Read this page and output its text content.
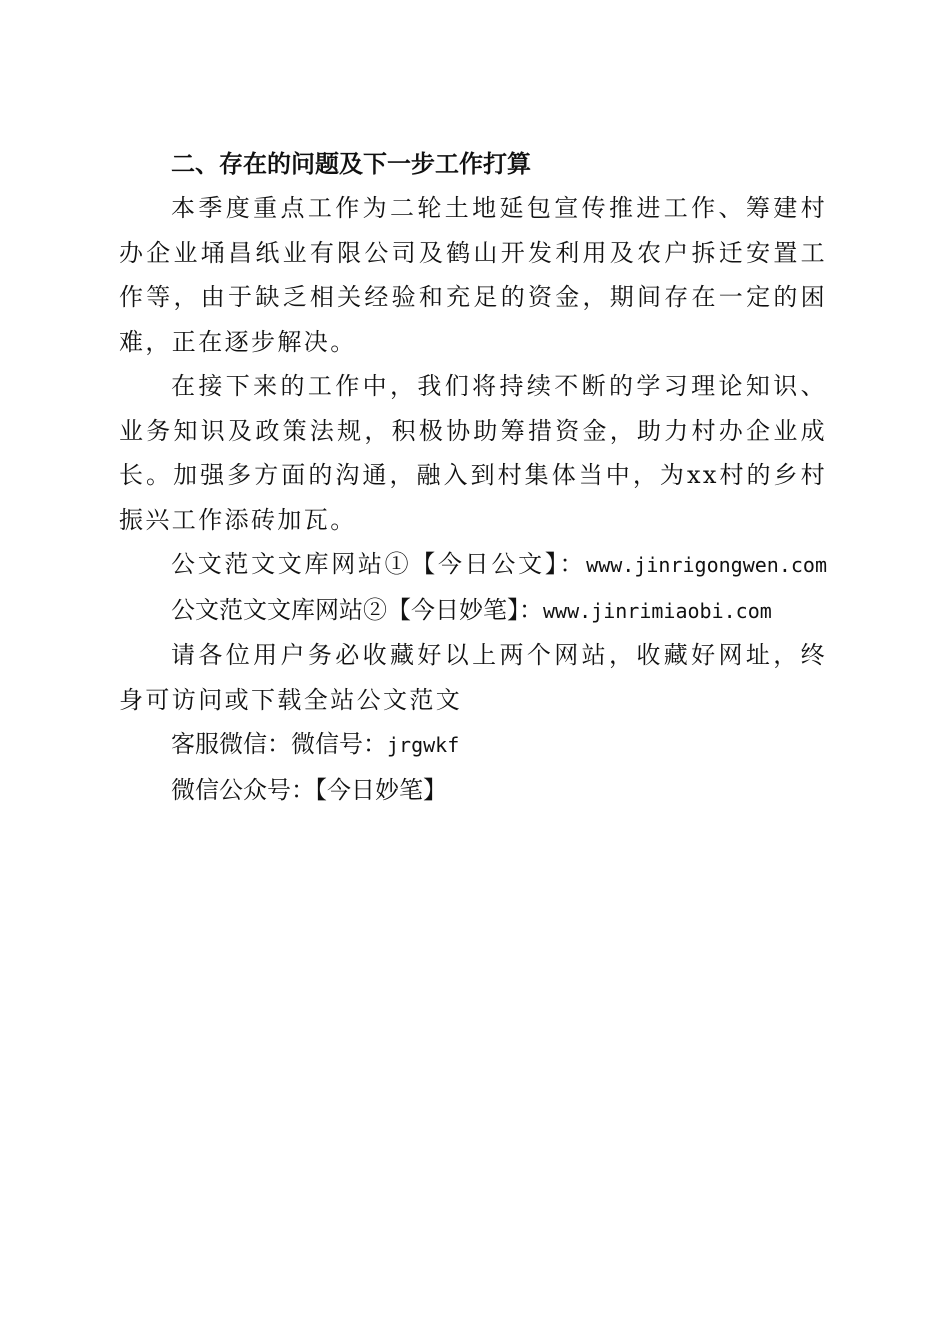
二、存在的问题及下一步工作打算

本季度重点工作为二轮土地延包宣传推进工作、筹建村办企业埇昌纸业有限公司及鹤山开发利用及农户拆迁安置工作等，由于缺乏相关经验和充足的资金，期间存在一定的困难，正在逐步解决。

在接下来的工作中，我们将持续不断的学习理论知识、业务知识及政策法规，积极协助筹措资金，助力村办企业成长。加强多方面的沟通，融入到村集体当中，为xx村的乡村振兴工作添砖加瓦。

公文范文文库网站①【今日公文】：www.jinrigongwen.com

公文范文文库网站②【今日妙笔】：www.jinrimiaobi.com

请各位用户务必收藏好以上两个网站，收藏好网址，终身可访问或下载全站公文范文

客服微信：微信号：jrgwkf

微信公众号：【今日妙笔】
